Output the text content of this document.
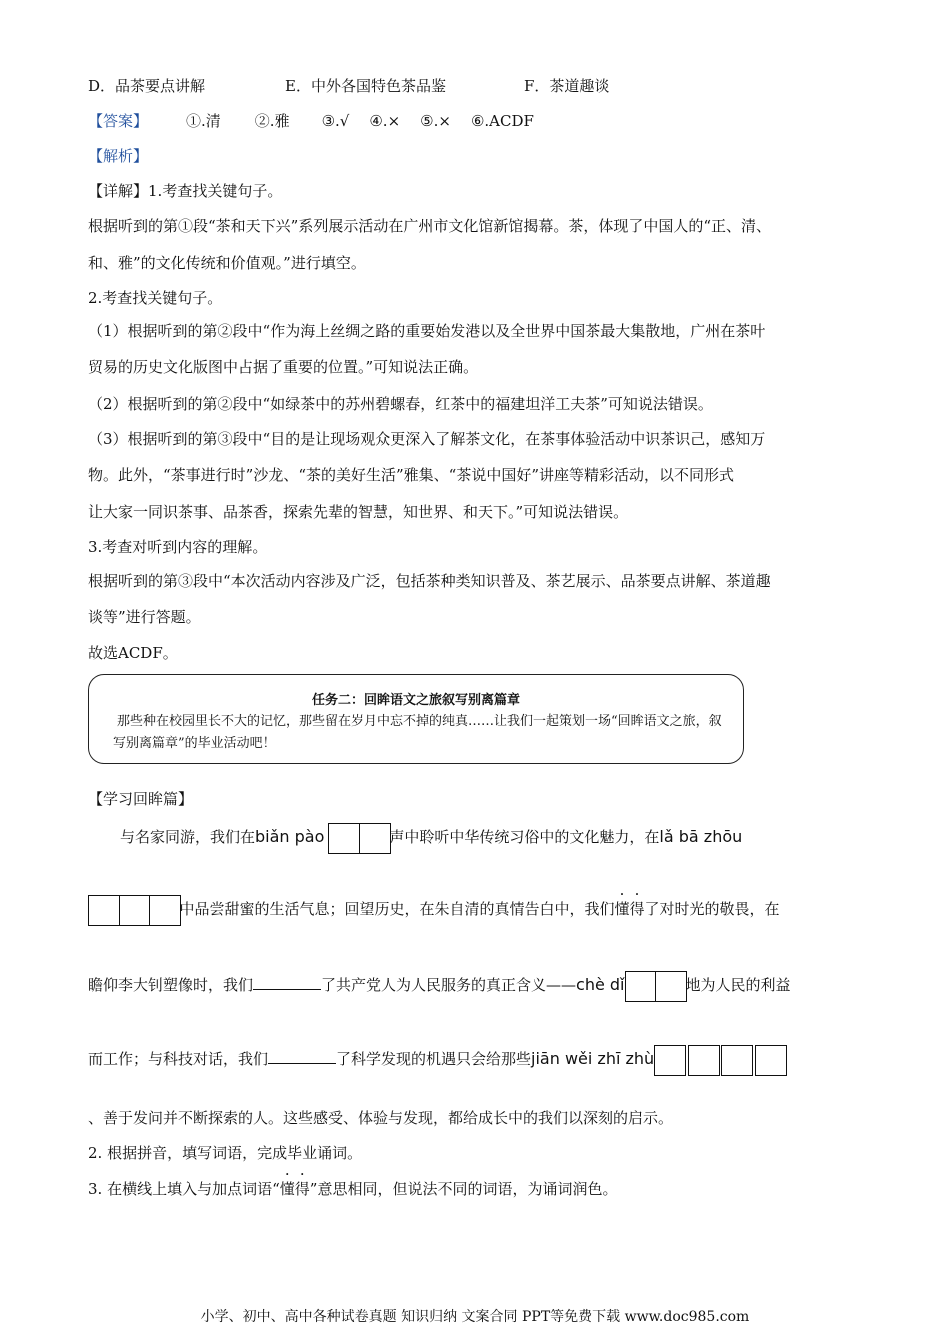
D．品茶要点讲解	E．中外各国特色茶品鉴	F．茶道趣谈
【答案】	①.清 ②.雅 ③.√ ④.× ⑤.× ⑥.ACDF
【解析】
【详解】1.考查找关键句子。
根据听到的第①段“茶和天下兴”系列展示活动在广州市文化馆新馆揭幕。茶，体现了中国人的“正、清、
和、雅”的文化传统和价值观。”进行填空。
2.考查找关键句子。
（1）根据听到的第②段中“作为海上丝绸之路的重要始发港以及全世界中国茶最大集散地，广州在茶叶
贸易的历史文化版图中占据了重要的位置。”可知说法正确。
（2）根据听到的第②段中“如绿茶中的苏州碧螺春，红茶中的福建坦洋工夫茶”可知说法错误。
（3）根据听到的第③段中“目的是让现场观众更深入了解茶文化，在茶事体验活动中识茶识己，感知万
物。此外，“茶事进行时”沙龙、“茶的美好生活”雅集、“茶说中国好”讲座等精彩活动，以不同形式
让大家一同识茶事、品茶香，探索先辈的智慧，知世界、和天下。”可知说法错误。
3.考查对听到内容的理解。
根据听到的第③段中“本次活动内容涉及广泛，包括茶种类知识普及、茶艺展示、品茶要点讲解、茶道趣
谈等”进行答题。
故选ACDF。
任务二：回眸语文之旅叙写别离篇章
那些种在校园里长不大的记忆，那些留在岁月中忘不掉的纯真……让我们一起策划一场“回眸语文之旅，叙写别离篇章”的毕业活动吧！
【学习回眸篇】
与名家同游，我们在biǎn pào	声中聆听中华传统习俗中的文化魅力，在lǎ bā zhōu
中品尝甜蜜的生活气息；回望历史，在朱自清的真情告白中，我们懂得了对时光的敬畏，在
瞻仰李大钊塑像时，我们	了共产党人为人民服务的真正含义——chè dǐ	地为人民的利益
而工作；与科技对话，我们	了科学发现的机遇只会给那些jiān wěi zhī zhù
、善于发问并不断探索的人。这些感受、体验与发现，都给成长中的我们以深刻的启示。
2. 根据拼音，填写词语，完成毕业诵词。
3. 在横线上填入与加点词语“懂得”意思相同，但说法不同的词语，为诵词润色。
小学、初中、高中各种试卷真题 知识归纳 文案合同 PPT等免费下载 www.doc985.com
